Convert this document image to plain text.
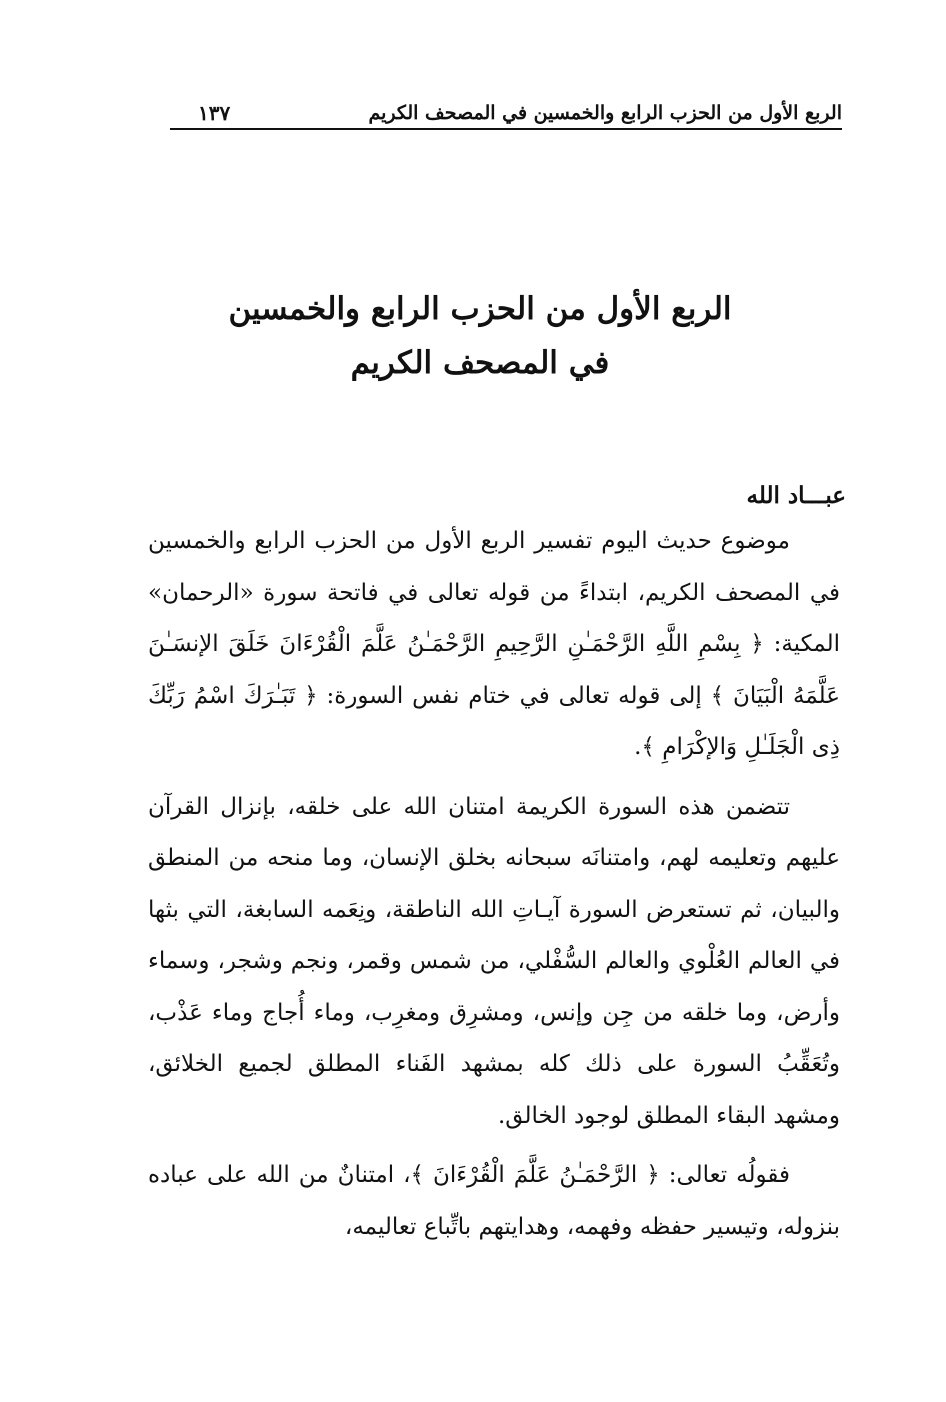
الربع الأول من الحزب الرابع والخمسين في المصحف الكريم
١٣٧
الربع الأول من الحزب الرابع والخمسين
في المصحف الكريم
عبـــاد الله

موضوع حديث اليوم تفسير الربع الأول من الحزب الرابع والخمسين في المصحف الكريم، ابتداءً من قوله تعالى في فاتحة سورة «الرحمان» المكية: ﴿ بِسْمِ اللَّهِ الرَّحْمَـٰنِ الرَّحِيمِ الرَّحْمَـٰنُ عَلَّمَ الْقُرْءَانَ خَلَقَ الإنسَـٰنَ عَلَّمَهُ الْبَيَانَ ﴾ إلى قوله تعالى في ختام نفس السورة: ﴿ تَبَـٰرَكَ اسْمُ رَبِّكَ ذِى الْجَلَـٰلِ وَالإكْرَامِ ﴾.

تتضمن هذه السورة الكريمة امتنان الله على خلقه، بإنزال القرآن عليهم وتعليمه لهم، وامتنانَه سبحانه بخلق الإنسان، وما منحه من المنطق والبيان، ثم تستعرض السورة آيـاتِ الله الناطقة، ونِعَمه السابغة، التي بثها في العالم العُلْوي والعالم السُّفْلي، من شمس وقمر، ونجم وشجر، وسماء وأرض، وما خلقه من جِن وإنس، ومشرِق ومغرِب، وماء أُجاج وماء عَذْب، وتُعَقِّبُ السورة على ذلك كله بمشهد الفَناء المطلق لجميع الخلائق، ومشهد البقاء المطلق لوجود الخالق.

فقولُه تعالى: ﴿ الرَّحْمَـٰنُ عَلَّمَ الْقُرْءَانَ ﴾، امتنانٌ من الله على عباده بنزوله، وتيسير حفظه وفهمه، وهدايتهم باتِّباع تعاليمه،
